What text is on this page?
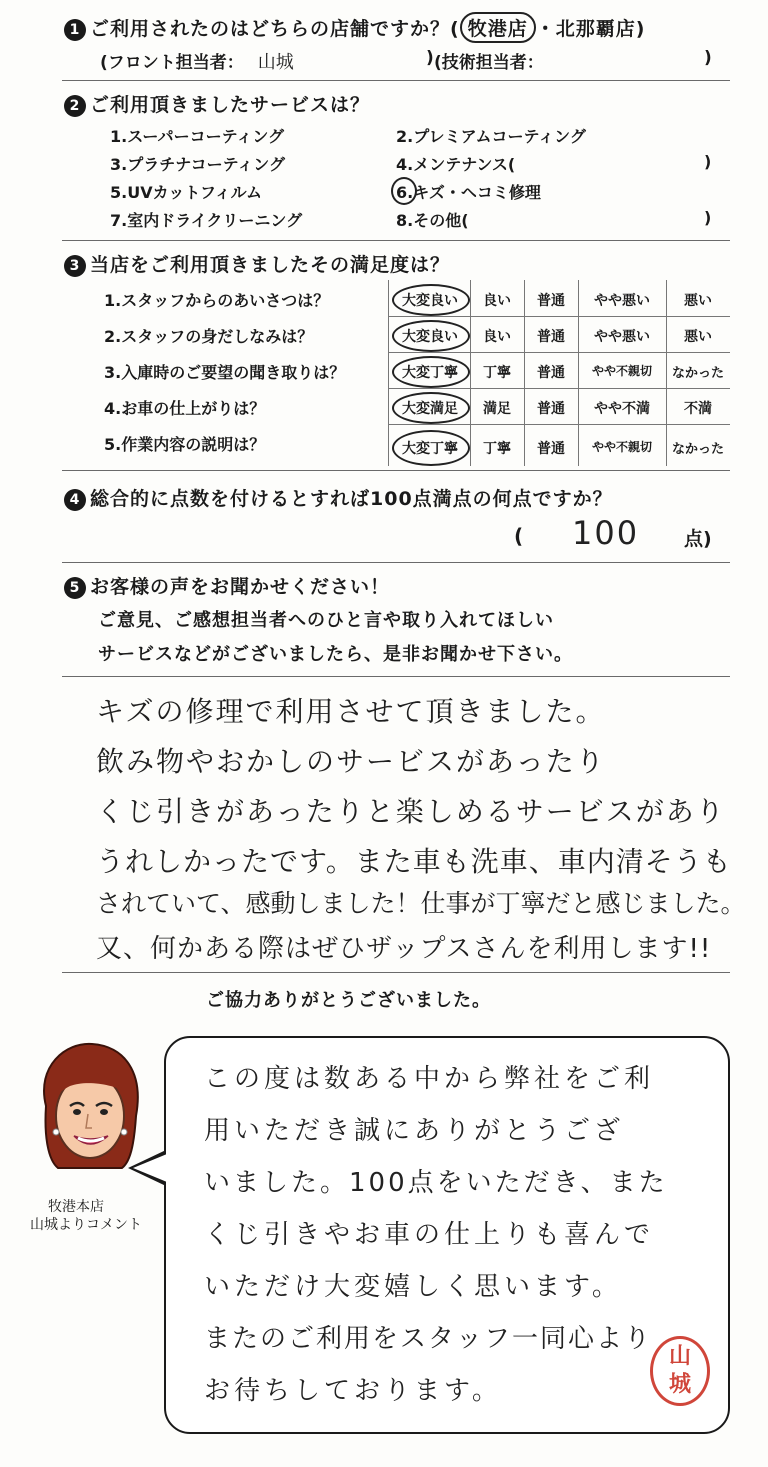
1 ご利用されたのはどちらの店舗ですか？( 牧港店 ・北那覇店)
(フロント担当者： 山城	) (技術担当者：	)
2 ご利用頂きましたサービスは？
1.スーパーコーティング	2.プレミアムコーティング
3.プラチナコーティング	4.メンテナンス(	)
5.UVカットフィルム	6.キズ・ヘコミ修理
7.室内ドライクリーニング	8.その他(	)
3 当店をご利用頂きましたその満足度は？
1.スタッフからのあいさつは？	大変良い	良い	普通	やや悪い	悪い
2.スタッフの身だしなみは？	大変良い	良い	普通	やや悪い	悪い
3.入庫時のご要望の聞き取りは？	大変丁寧	丁寧	普通	やや不親切	なかった
4.お車の仕上がりは？	大変満足	満足	普通	やや不満	不満
5.作業内容の説明は？	大変丁寧	丁寧	普通	やや不親切	なかった
4 総合的に点数を付けるとすれば100点満点の何点ですか？
( 100 点)
5 お客様の声をお聞かせください！
ご意見、ご感想担当者へのひと言や取り入れてほしい
サービスなどがございましたら、是非お聞かせ下さい。
キズの修理で利用させて頂きました。
飲み物やおかしのサービスがあったり
くじ引きがあったりと楽しめるサービスがあり
うれしかったです。また車も洗車、車内清そうも
されていて、感動しました！仕事が丁寧だと感じました。
又、何かある際はぜひザップスさんを利用します!!
ご協力ありがとうございました。
牧港本店
山城よりコメント
この度は数ある中から弊社をご利
用いただき誠にありがとうござ
いました。100点をいただき、また
くじ引きやお車の仕上りも喜んで
いただけ大変嬉しく思います。
またのご利用をスタッフ一同心より
お待ちしております。
山城
